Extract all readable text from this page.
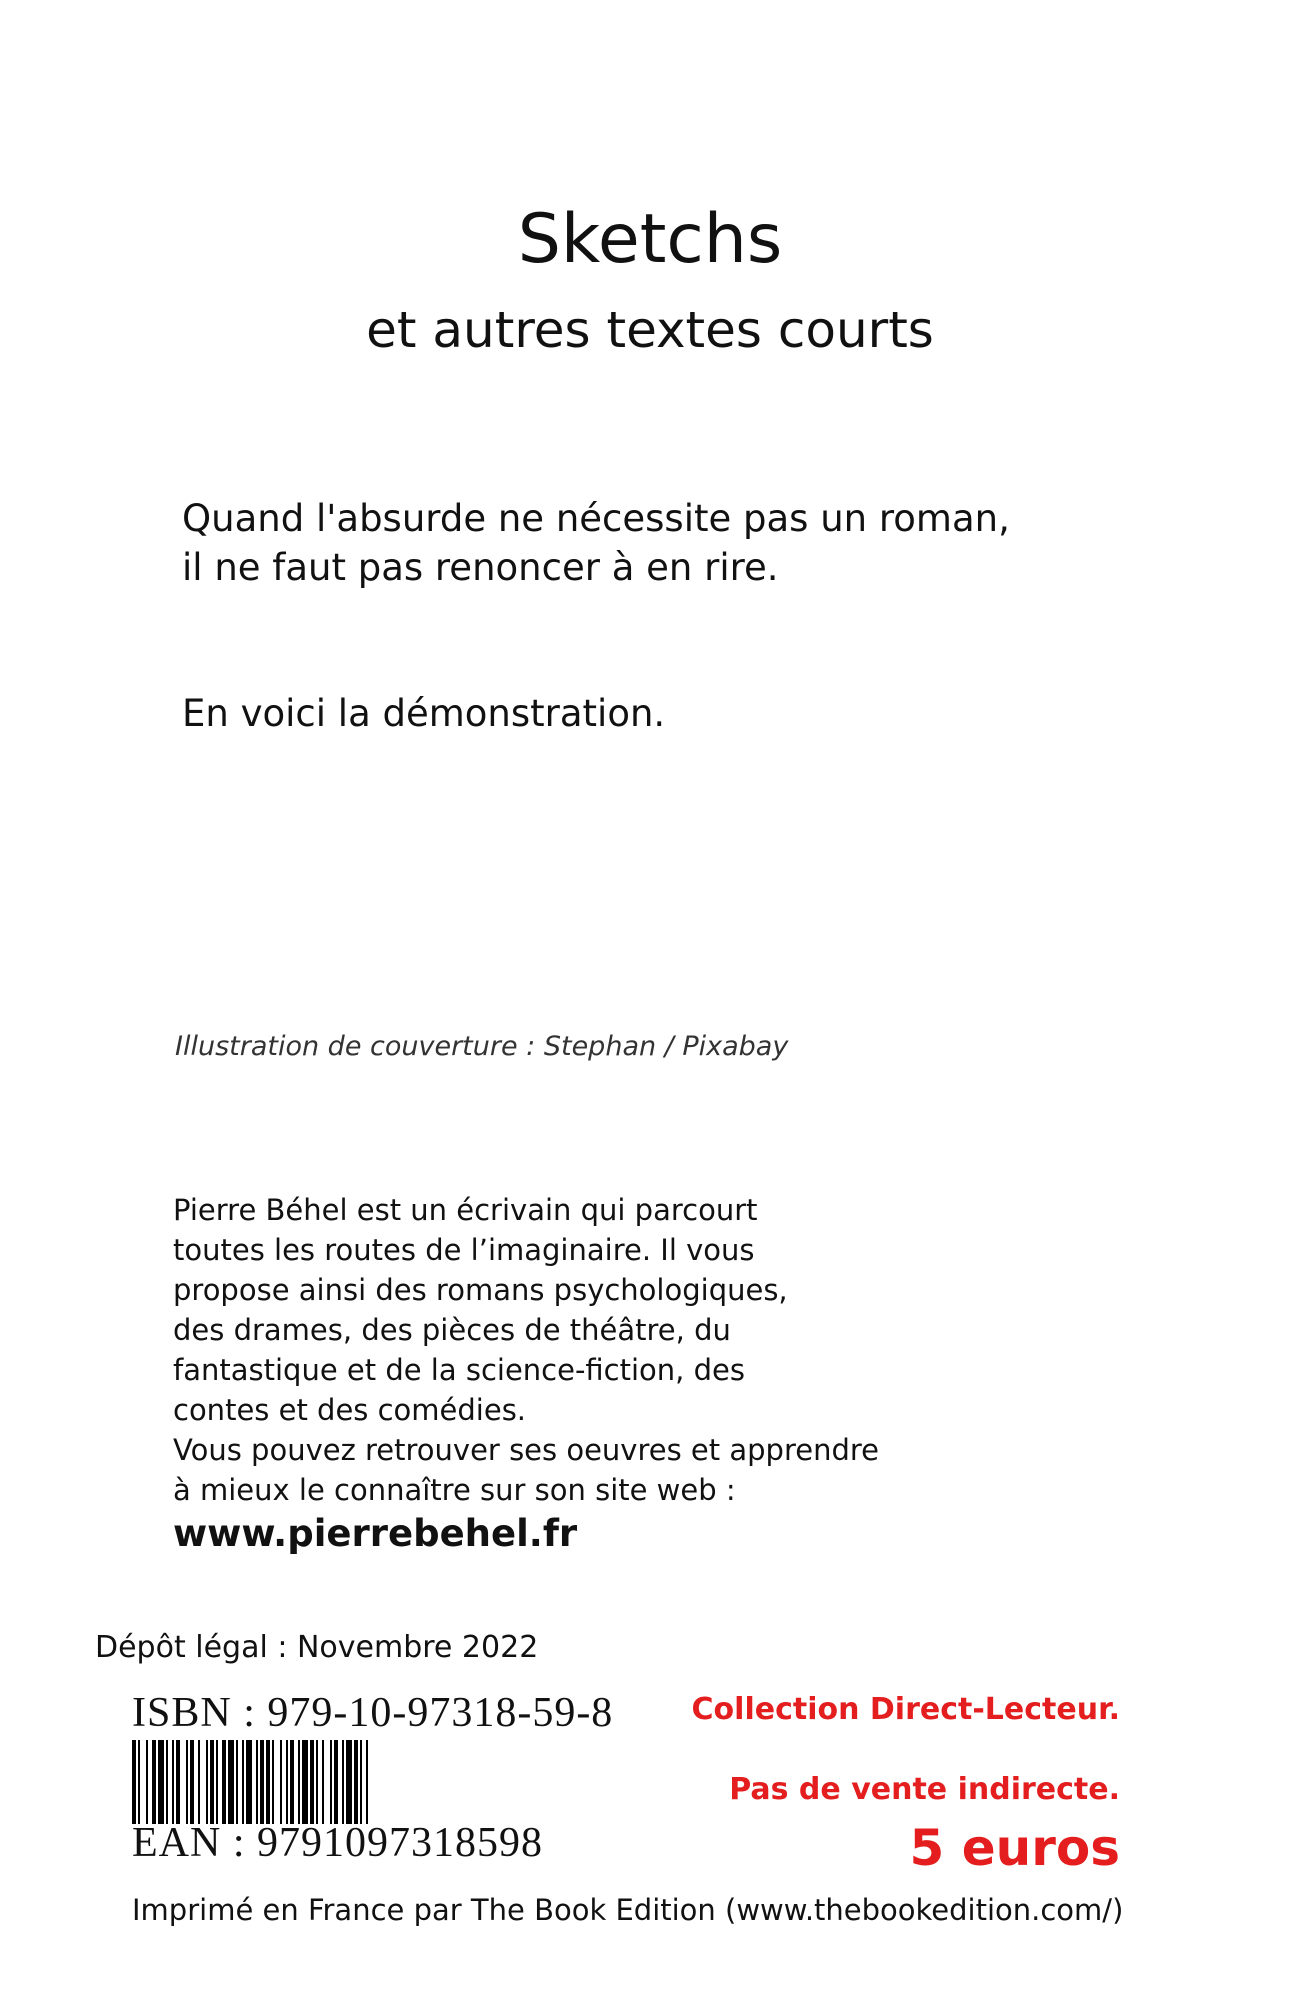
Sketchs
et autres textes courts
Quand l'absurde ne nécessite pas un roman,
il ne faut pas renoncer à en rire.
En voici la démonstration.
Illustration de couverture : Stephan / Pixabay
Pierre Béhel est un écrivain qui parcourt
toutes les routes de l’imaginaire. Il vous
propose ainsi des romans psychologiques,
des drames, des pièces de théâtre, du
fantastique et de la science-fiction, des
contes et des comédies.
Vous pouvez retrouver ses oeuvres et apprendre
à mieux le connaître sur son site web :
www.pierrebehel.fr
Dépôt légal : Novembre 2022
ISBN : 979-10-97318-59-8
EAN : 9791097318598
Collection Direct-Lecteur.
Pas de vente indirecte.
5 euros
Imprimé en France par The Book Edition (www.thebookedition.com/)
